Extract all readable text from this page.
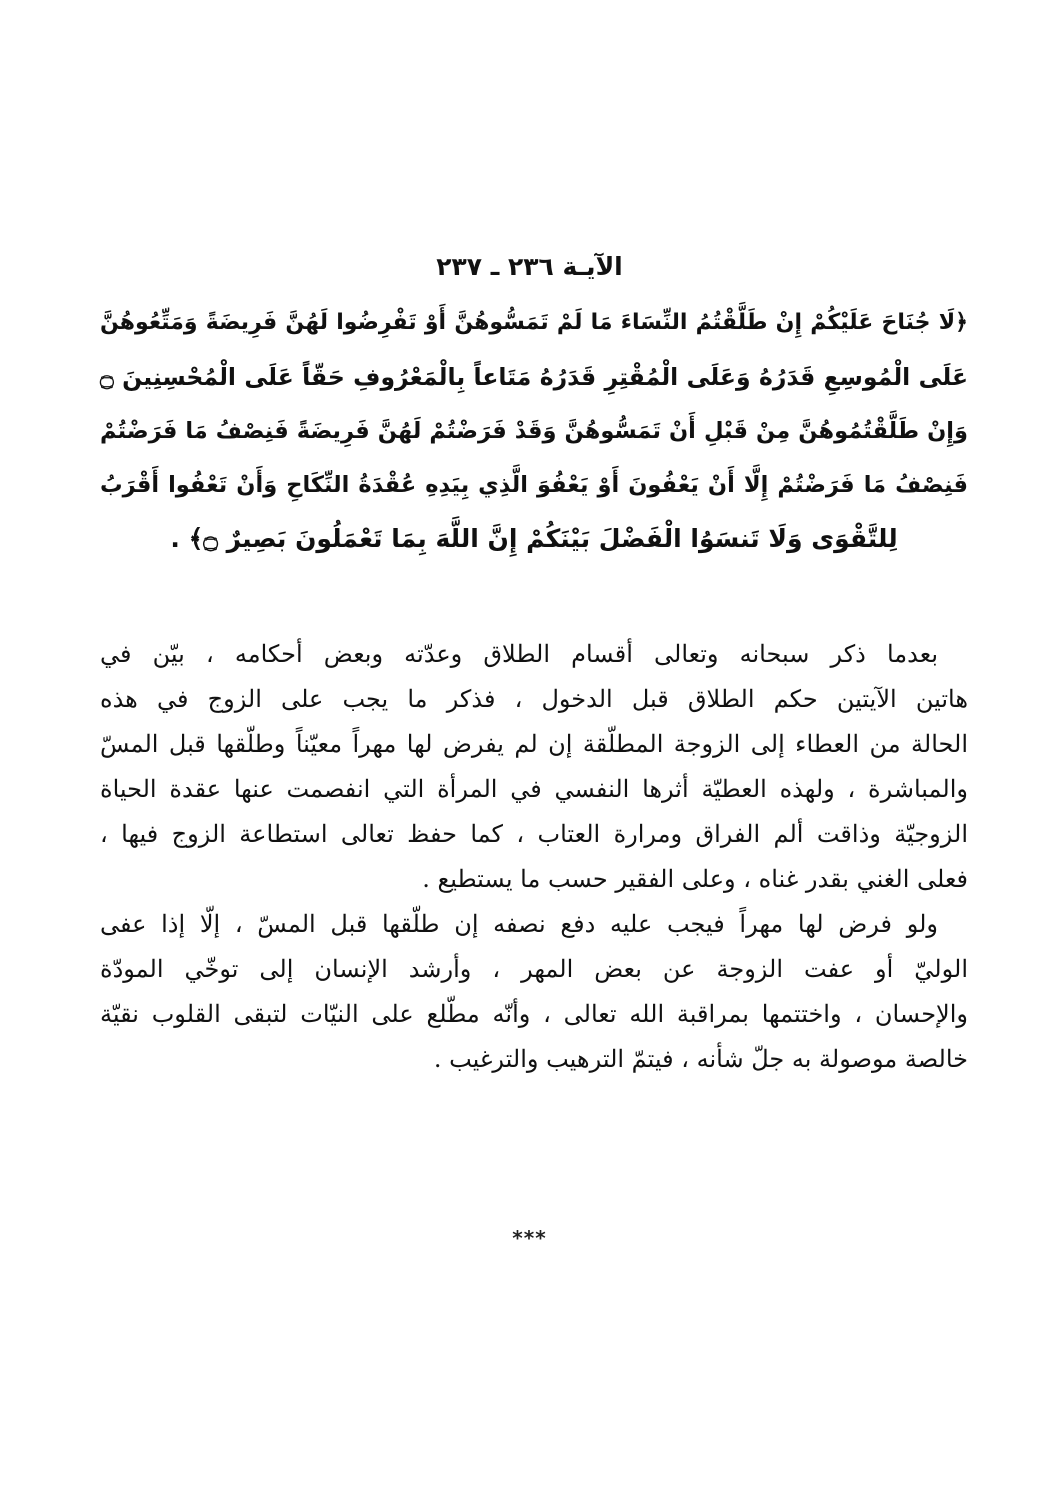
الآيـة ٢٣٦ ـ ٢٣٧
﴿لَا جُنَاحَ عَلَيْكُمْ إِنْ طَلَّقْتُمُ النِّسَاءَ مَا لَمْ تَمَسُّوهُنَّ أَوْ تَفْرِضُوا لَهُنَّ فَرِيضَةً وَمَتِّعُوهُنَّ
عَلَى الْمُوسِعِ قَدَرُهُ وَعَلَى الْمُقْتِرِ قَدَرُهُ مَتَاعاً بِالْمَعْرُوفِ حَقّاً عَلَى الْمُحْسِنِينَ ۝
وَإِنْ طَلَّقْتُمُوهُنَّ مِنْ قَبْلِ أَنْ تَمَسُّوهُنَّ وَقَدْ فَرَضْتُمْ لَهُنَّ فَرِيضَةً فَنِصْفُ مَا فَرَضْتُمْ
فَنِصْفُ مَا فَرَضْتُمْ إِلَّا أَنْ يَعْفُونَ أَوْ يَعْفُوَ الَّذِي بِيَدِهِ عُقْدَةُ النِّكَاحِ وَأَنْ تَعْفُوا أَقْرَبُ
لِلتَّقْوَى وَلَا تَنسَوُا الْفَضْلَ بَيْنَكُمْ إِنَّ اللَّهَ بِمَا تَعْمَلُونَ بَصِيرٌ ۝﴾ .
بعدما ذكر سبحانه وتعالى أقسام الطلاق وعدّته وبعض أحكامه ، بيّن في
هاتين الآيتين حكم الطلاق قبل الدخول ، فذكر ما يجب على الزوج في هذه
الحالة من العطاء إلى الزوجة المطلّقة إن لم يفرض لها مهراً معيّناً وطلّقها قبل المسّ
والمباشرة ، ولهذه العطيّة أثرها النفسي في المرأة التي انفصمت عنها عقدة الحياة
الزوجيّة وذاقت ألم الفراق ومرارة العتاب ، كما حفظ تعالى استطاعة الزوج فيها ،
فعلى الغني بقدر غناه ، وعلى الفقير حسب ما يستطيع .
ولو فرض لها مهراً فيجب عليه دفع نصفه إن طلّقها قبل المسّ ، إلّا إذا عفى
الوليّ أو عفت الزوجة عن بعض المهر ، وأرشد الإنسان إلى توخّي المودّة
والإحسان ، واختتمها بمراقبة الله تعالى ، وأنّه مطّلع على النيّات لتبقى القلوب نقيّة
خالصة موصولة به جلّ شأنه ، فيتمّ الترهيب والترغيب .
***
